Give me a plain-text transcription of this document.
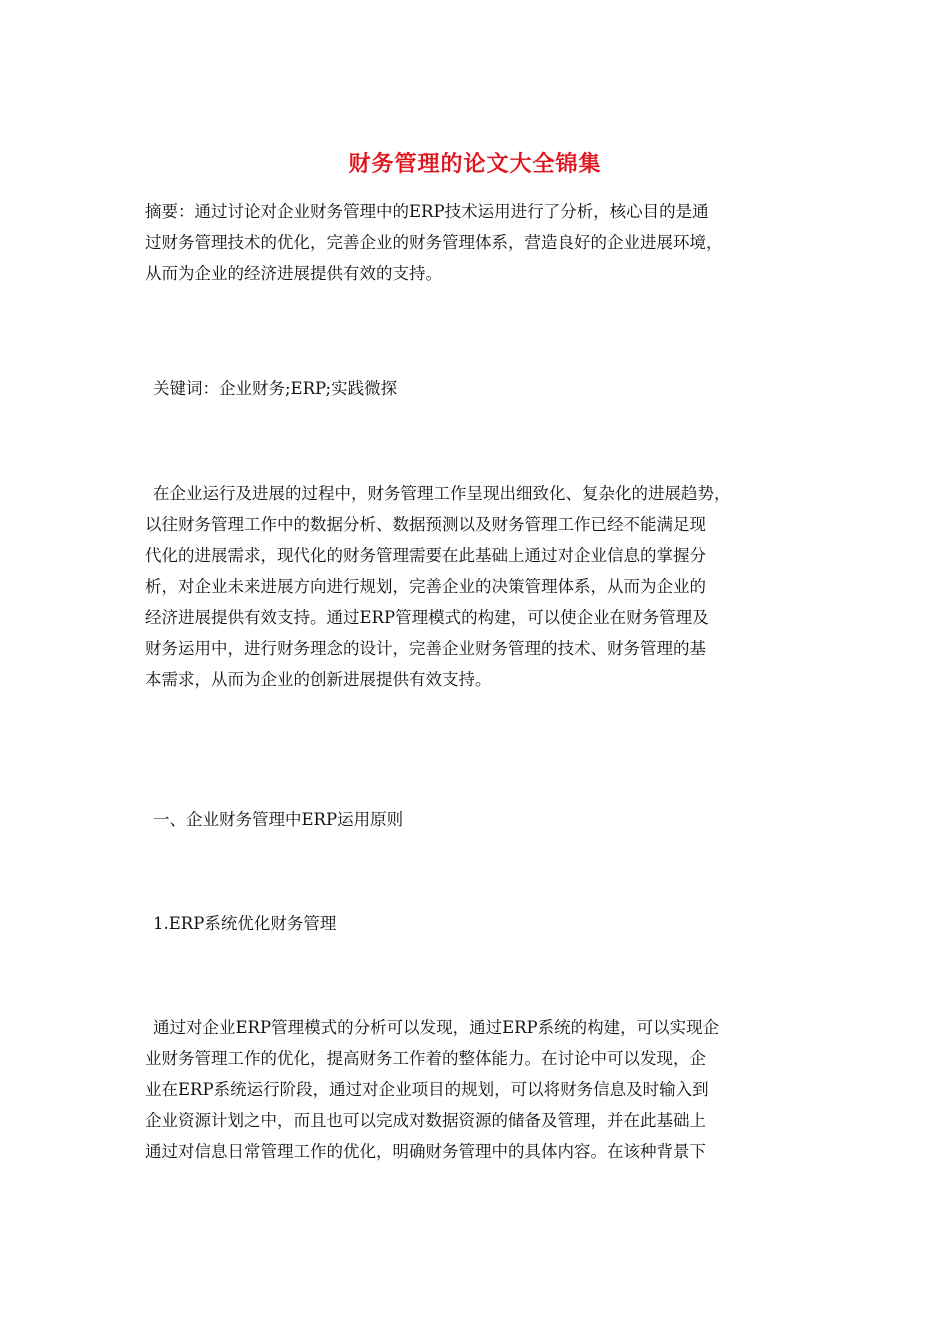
财务管理的论文大全锦集
摘要：通过讨论对企业财务管理中的ERP技术运用进行了分析，核心目的是通
过财务管理技术的优化，完善企业的财务管理体系，营造良好的企业进展环境，
从而为企业的经济进展提供有效的支持。
关键词：企业财务;ERP;实践微探
在企业运行及进展的过程中，财务管理工作呈现出细致化、复杂化的进展趋势，
以往财务管理工作中的数据分析、数据预测以及财务管理工作已经不能满足现
代化的进展需求，现代化的财务管理需要在此基础上通过对企业信息的掌握分
析，对企业未来进展方向进行规划，完善企业的决策管理体系，从而为企业的
经济进展提供有效支持。通过ERP管理模式的构建，可以使企业在财务管理及
财务运用中，进行财务理念的设计，完善企业财务管理的技术、财务管理的基
本需求，从而为企业的创新进展提供有效支持。
一、企业财务管理中ERP运用原则
1.ERP系统优化财务管理
通过对企业ERP管理模式的分析可以发现，通过ERP系统的构建，可以实现企
业财务管理工作的优化，提高财务工作着的整体能力。在讨论中可以发现，企
业在ERP系统运行阶段，通过对企业项目的规划，可以将财务信息及时输入到
企业资源计划之中，而且也可以完成对数据资源的储备及管理，并在此基础上
通过对信息日常管理工作的优化，明确财务管理中的具体内容。在该种背景下
